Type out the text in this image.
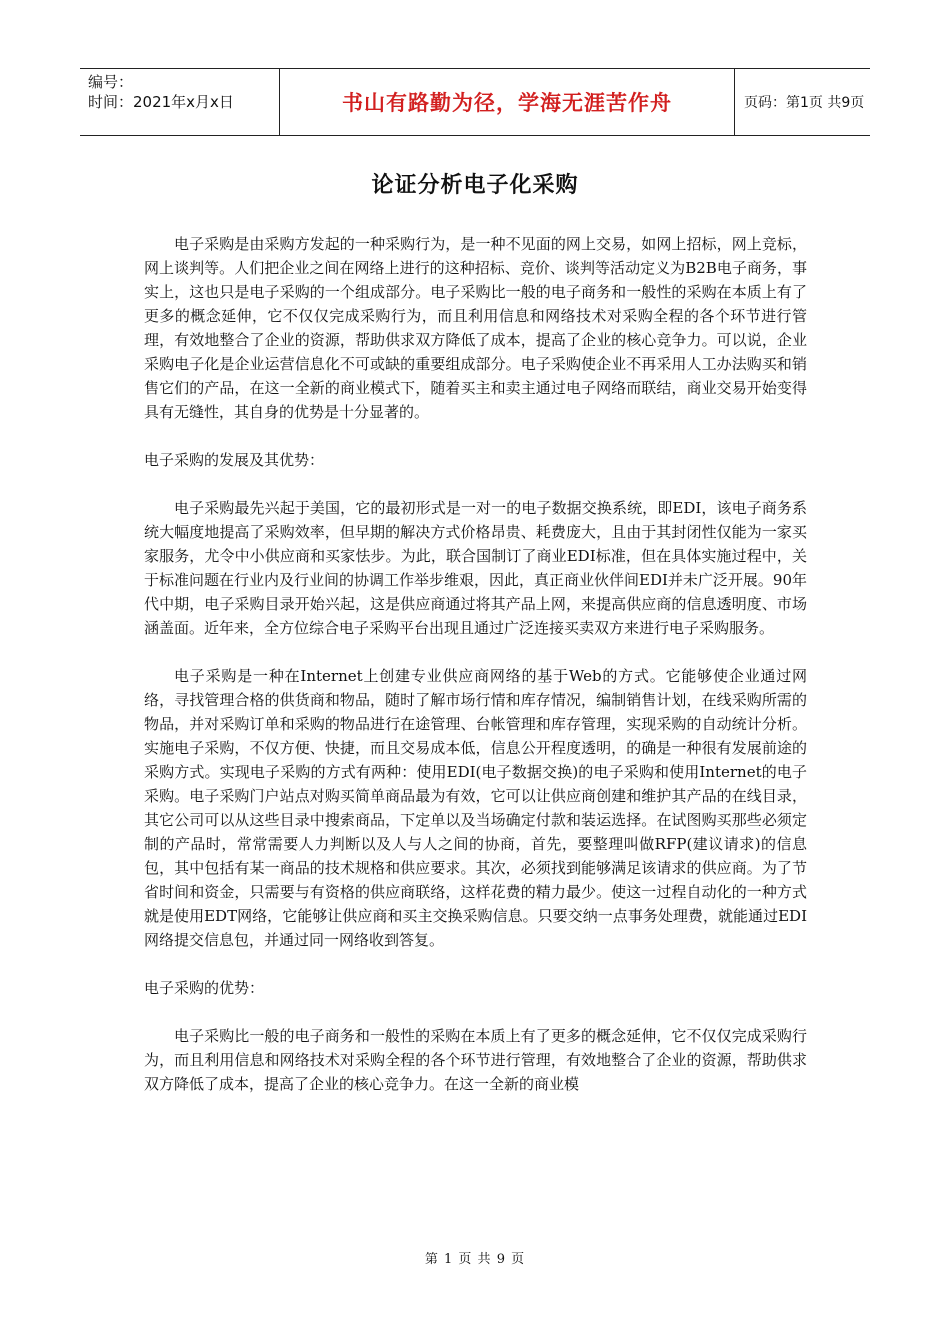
编号：
时间：2021年x月x日	书山有路勤为径，学海无涯苦作舟	页码：第1页 共9页
论证分析电子化采购

电子采购是由采购方发起的一种采购行为，是一种不见面的网上交易，如网上招标，网上竞标，网上谈判等。人们把企业之间在网络上进行的这种招标、竞价、谈判等活动定义为B2B电子商务，事实上，这也只是电子采购的一个组成部分。电子采购比一般的电子商务和一般性的采购在本质上有了更多的概念延伸，它不仅仅完成采购行为，而且利用信息和网络技术对采购全程的各个环节进行管理，有效地整合了企业的资源，帮助供求双方降低了成本，提高了企业的核心竞争力。可以说，企业采购电子化是企业运营信息化不可或缺的重要组成部分。电子采购使企业不再采用人工办法购买和销售它们的产品，在这一全新的商业模式下，随着买主和卖主通过电子网络而联结，商业交易开始变得具有无缝性，其自身的优势是十分显著的。

电子采购的发展及其优势：

电子采购最先兴起于美国，它的最初形式是一对一的电子数据交换系统，即EDI，该电子商务系统大幅度地提高了采购效率，但早期的解决方式价格昂贵、耗费庞大，且由于其封闭性仅能为一家买家服务，尤令中小供应商和买家怯步。为此，联合国制订了商业EDI标准，但在具体实施过程中，关于标准问题在行业内及行业间的协调工作举步维艰，因此，真正商业伙伴间EDI并未广泛开展。90年代中期，电子采购目录开始兴起，这是供应商通过将其产品上网，来提高供应商的信息透明度、市场涵盖面。近年来，全方位综合电子采购平台出现且通过广泛连接买卖双方来进行电子采购服务。

电子采购是一种在Internet上创建专业供应商网络的基于Web的方式。它能够使企业通过网络，寻找管理合格的供货商和物品，随时了解市场行情和库存情况，编制销售计划，在线采购所需的物品，并对采购订单和采购的物品进行在途管理、台帐管理和库存管理，实现采购的自动统计分析。实施电子采购，不仅方便、快捷，而且交易成本低，信息公开程度透明，的确是一种很有发展前途的采购方式。实现电子采购的方式有两种：使用EDI(电子数据交换)的电子采购和使用Internet的电子采购。电子采购门户站点对购买简单商品最为有效，它可以让供应商创建和维护其产品的在线目录，其它公司可以从这些目录中搜索商品，下定单以及当场确定付款和装运选择。在试图购买那些必须定制的产品时，常常需要人力判断以及人与人之间的协商，首先，要整理叫做RFP(建议请求)的信息包，其中包括有某一商品的技术规格和供应要求。其次，必须找到能够满足该请求的供应商。为了节省时间和资金，只需要与有资格的供应商联络，这样花费的精力最少。使这一过程自动化的一种方式就是使用EDT网络，它能够让供应商和买主交换采购信息。只要交纳一点事务处理费，就能通过EDI网络提交信息包，并通过同一网络收到答复。

电子采购的优势：

电子采购比一般的电子商务和一般性的采购在本质上有了更多的概念延伸，它不仅仅完成采购行为，而且利用信息和网络技术对采购全程的各个环节进行管理，有效地整合了企业的资源，帮助供求双方降低了成本，提高了企业的核心竞争力。在这一全新的商业模

第 1 页 共 9 页
